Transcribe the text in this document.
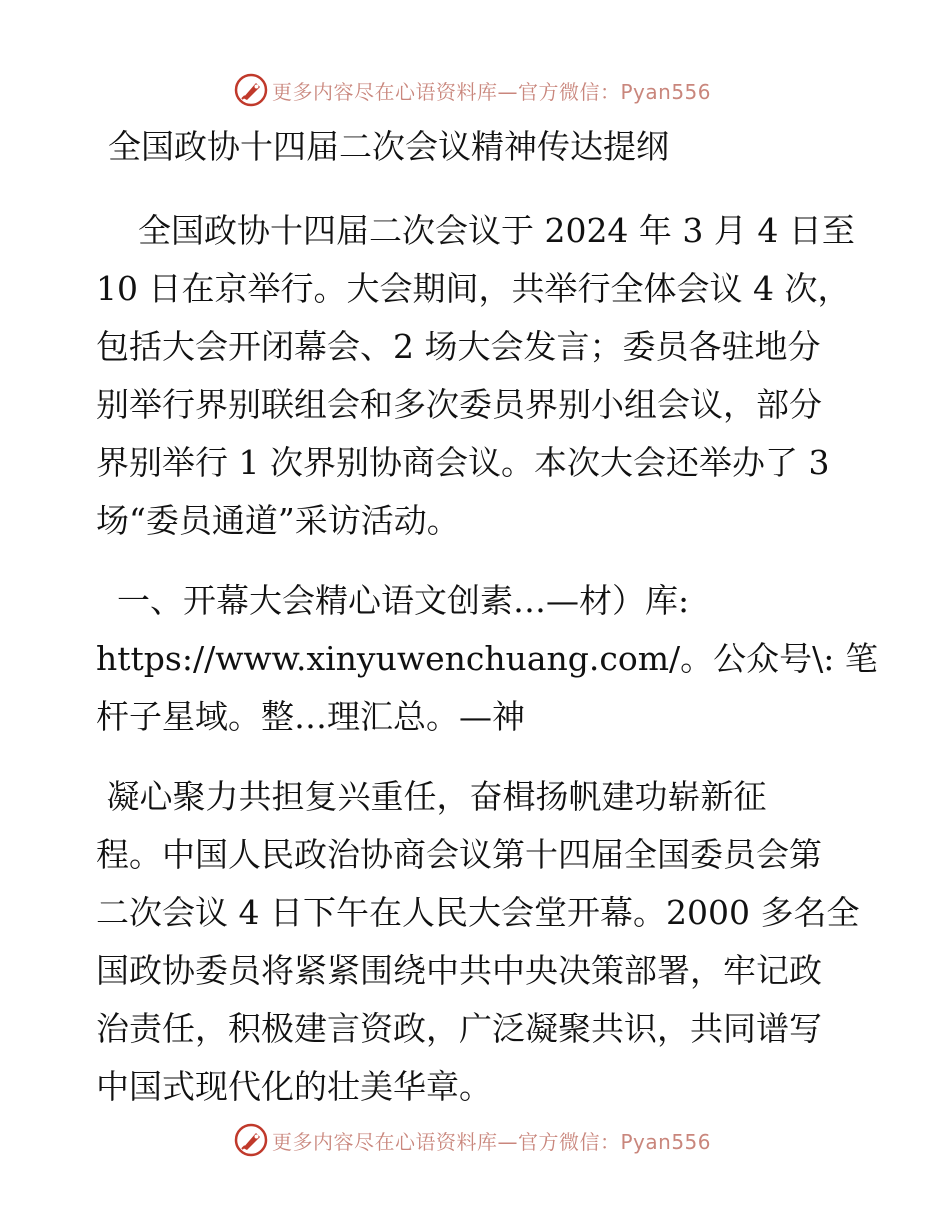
更多内容尽在心语资料库—官方微信：Pyan556
全国政协十四届二次会议精神传达提纲
全国政协十四届二次会议于 2024 年 3 月 4 日至
10 日在京举行。大会期间，共举行全体会议 4 次，
包括大会开闭幕会、2 场大会发言；委员各驻地分
别举行界别联组会和多次委员界别小组会议，部分
界别举行 1 次界别协商会议。本次大会还举办了 3
场“委员通道”采访活动。
一、开幕大会精心语文创素…—材）库:
https://www.xinyuwenchuang.com/。公众号\: 笔
杆子星域。整…理汇总。—神
凝心聚力共担复兴重任，奋楫扬帆建功崭新征
程。中国人民政治协商会议第十四届全国委员会第
二次会议 4 日下午在人民大会堂开幕。2000 多名全
国政协委员将紧紧围绕中共中央决策部署，牢记政
治责任，积极建言资政，广泛凝聚共识，共同谱写
中国式现代化的壮美华章。
更多内容尽在心语资料库—官方微信：Pyan556
